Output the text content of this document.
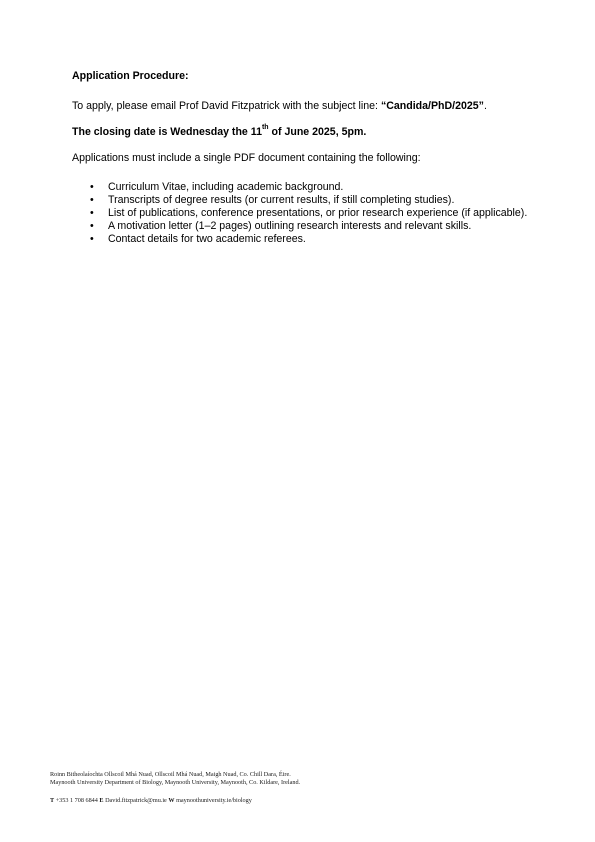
Application Procedure:

To apply, please email Prof David Fitzpatrick with the subject line: “Candida/PhD/2025”.

The closing date is Wednesday the 11th of June 2025, 5pm.

Applications must include a single PDF document containing the following:

• Curriculum Vitae, including academic background.
• Transcripts of degree results (or current results, if still completing studies).
• List of publications, conference presentations, or prior research experience (if applicable).
• A motivation letter (1–2 pages) outlining research interests and relevant skills.
• Contact details for two academic referees.
Roinn Bitheolaíochta Ollscoil Mhá Nuad, Ollscoil Mhá Nuad, Maigh Nuad, Co. Chill Dara, Éire.
Maynooth University Department of Biology, Maynooth University, Maynooth, Co. Kildare, Ireland.
T +353 1 708 6844 E David.fitzpatrick@mu.ie W maynoothuniversity.ie/biology
